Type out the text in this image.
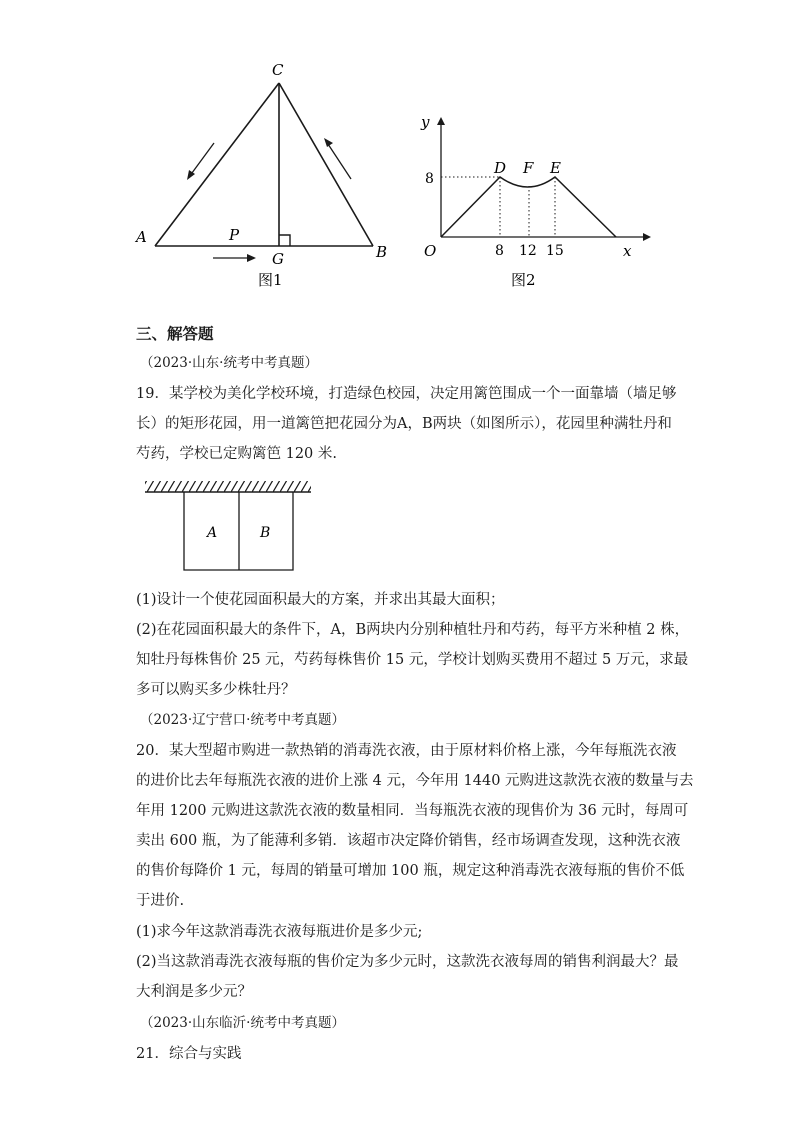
C
A
B
P
G
图1
y
x
O
8
8 12 15
D F E
图2
三、解答题
（2023·山东·统考中考真题）
19．某学校为美化学校环境，打造绿色校园，决定用篱笆围成一个一面靠墙（墙足够
长）的矩形花园，用一道篱笆把花园分为A，B两块（如图所示），花园里种满牡丹和
芍药，学校已定购篱笆 120 米.
A	B
(1)设计一个使花园面积最大的方案，并求出其最大面积；
(2)在花园面积最大的条件下，A，B两块内分别种植牡丹和芍药，每平方米种植 2 株，
知牡丹每株售价 25 元，芍药每株售价 15 元，学校计划购买费用不超过 5 万元，求最
多可以购买多少株牡丹？
（2023·辽宁营口·统考中考真题）
20．某大型超市购进一款热销的消毒洗衣液，由于原材料价格上涨，今年每瓶洗衣液
的进价比去年每瓶洗衣液的进价上涨 4 元，今年用 1440 元购进这款洗衣液的数量与去
年用 1200 元购进这款洗衣液的数量相同．当每瓶洗衣液的现售价为 36 元时，每周可
卖出 600 瓶，为了能薄利多销．该超市决定降价销售，经市场调查发现，这种洗衣液
的售价每降价 1 元，每周的销量可增加 100 瓶，规定这种消毒洗衣液每瓶的售价不低
于进价.
(1)求今年这款消毒洗衣液每瓶进价是多少元;
(2)当这款消毒洗衣液每瓶的售价定为多少元时，这款洗衣液每周的销售利润最大？最
大利润是多少元？
（2023·山东临沂·统考中考真题）
21．综合与实践
